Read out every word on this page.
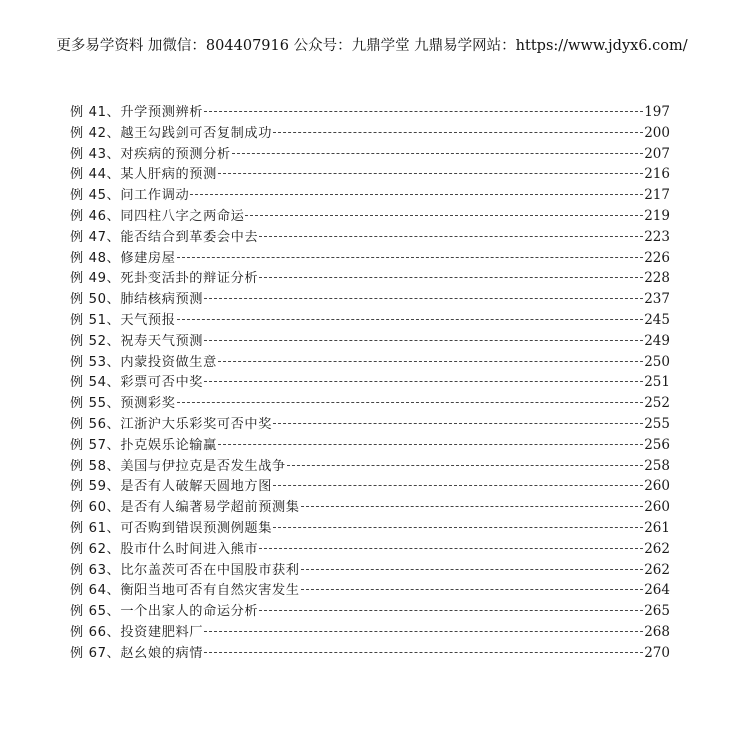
更多易学资料 加微信：804407916 公众号：九鼎学堂 九鼎易学网站：https://www.jdyx6.com/
例 41、升学预测辨析	197
例 42、越王勾践剑可否复制成功	200
例 43、对疾病的预测分析	207
例 44、某人肝病的预测	216
例 45、问工作调动	217
例 46、同四柱八字之两命运	219
例 47、能否结合到革委会中去	223
例 48、修建房屋	226
例 49、死卦变活卦的辩证分析	228
例 50、肺结核病预测	237
例 51、天气预报	245
例 52、祝寿天气预测	249
例 53、内蒙投资做生意	250
例 54、彩票可否中奖	251
例 55、预测彩奖	252
例 56、江浙沪大乐彩奖可否中奖	255
例 57、扑克娱乐论输赢	256
例 58、美国与伊拉克是否发生战争	258
例 59、是否有人破解天圆地方图	260
例 60、是否有人编著易学超前预测集	260
例 61、可否购到错误预测例题集	261
例 62、股市什么时间进入熊市	262
例 63、比尔盖茨可否在中国股市获利	262
例 64、衡阳当地可否有自然灾害发生	264
例 65、一个出家人的命运分析	265
例 66、投资建肥料厂	268
例 67、赵幺娘的病情	270
